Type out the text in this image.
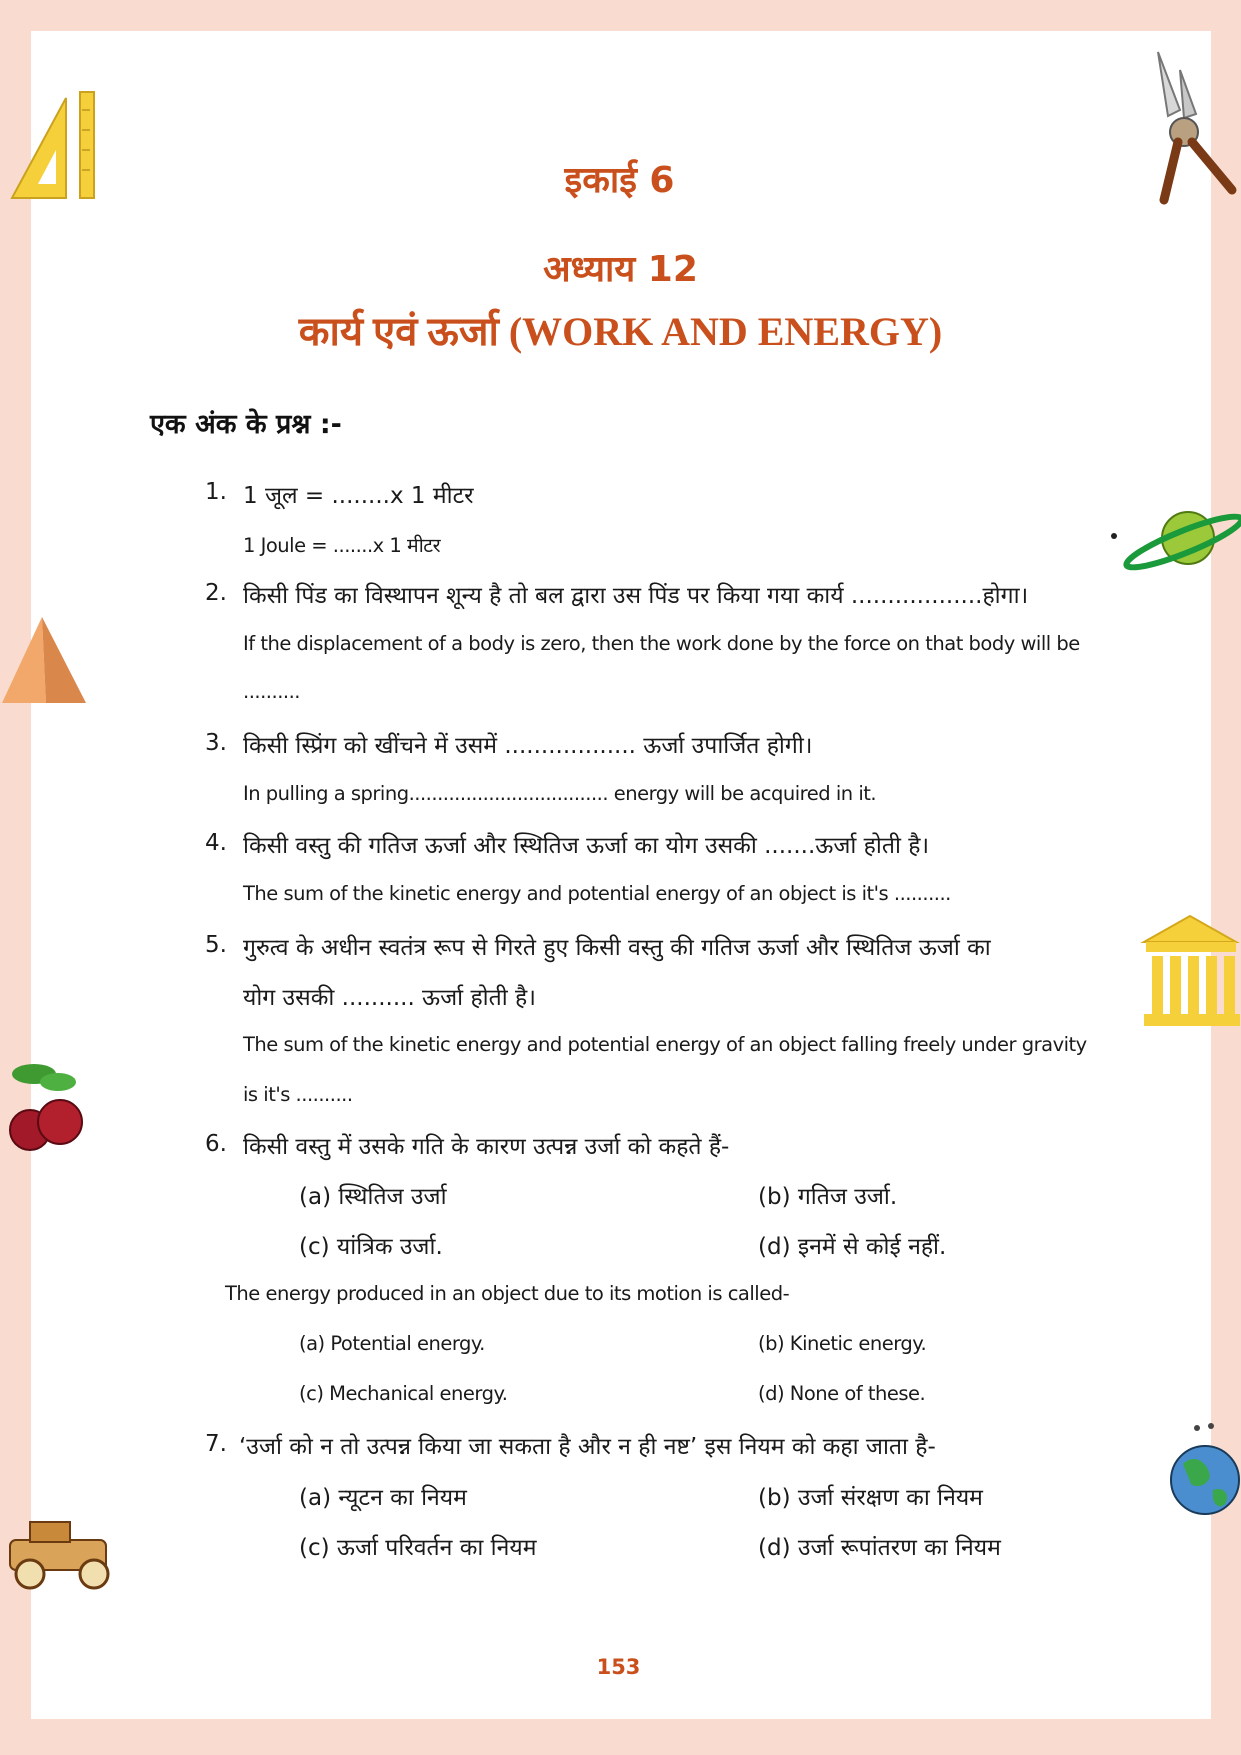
इकाई 6
अध्याय 12
कार्य एवं ऊर्जा (WORK AND ENERGY)
एक अंक के प्रश्न :-
1. 1 जूल = ........x 1 मीटर
1 Joule = .......x 1 मीटर
2. किसी पिंड का विस्थापन शून्य है तो बल द्वारा उस पिंड पर किया गया कार्य ..................होगा।
If the displacement of a body is zero, then the work done by the force on that body will be
..........
3. किसी स्प्रिंग को खींचने में उसमें .................. ऊर्जा उपार्जित होगी।
In pulling a spring................................... energy will be acquired in it.
4. किसी वस्तु की गतिज ऊर्जा और स्थितिज ऊर्जा का योग उसकी .......ऊर्जा होती है।
The sum of the kinetic energy and potential energy of an object is it's ..........
5. गुरुत्व के अधीन स्वतंत्र रूप से गिरते हुए किसी वस्तु की गतिज ऊर्जा और स्थितिज ऊर्जा का
योग उसकी .......... ऊर्जा होती है।
The sum of the kinetic energy and potential energy of an object falling freely under gravity
is it's ..........
6. किसी वस्तु में उसके गति के कारण उत्पन्न उर्जा को कहते हैं-
(a) स्थितिज उर्जा	(b) गतिज उर्जा.
(c) यांत्रिक उर्जा.	(d) इनमें से कोई नहीं.
The energy produced in an object due to its motion is called-
(a) Potential energy.	(b) Kinetic energy.
(c) Mechanical energy.	(d) None of these.
7. ‘उर्जा को न तो उत्पन्न किया जा सकता है और न ही नष्ट’ इस नियम को कहा जाता है-
(a) न्यूटन का नियम	(b) उर्जा संरक्षण का नियम
(c) ऊर्जा परिवर्तन का नियम	(d) उर्जा रूपांतरण का नियम
153
